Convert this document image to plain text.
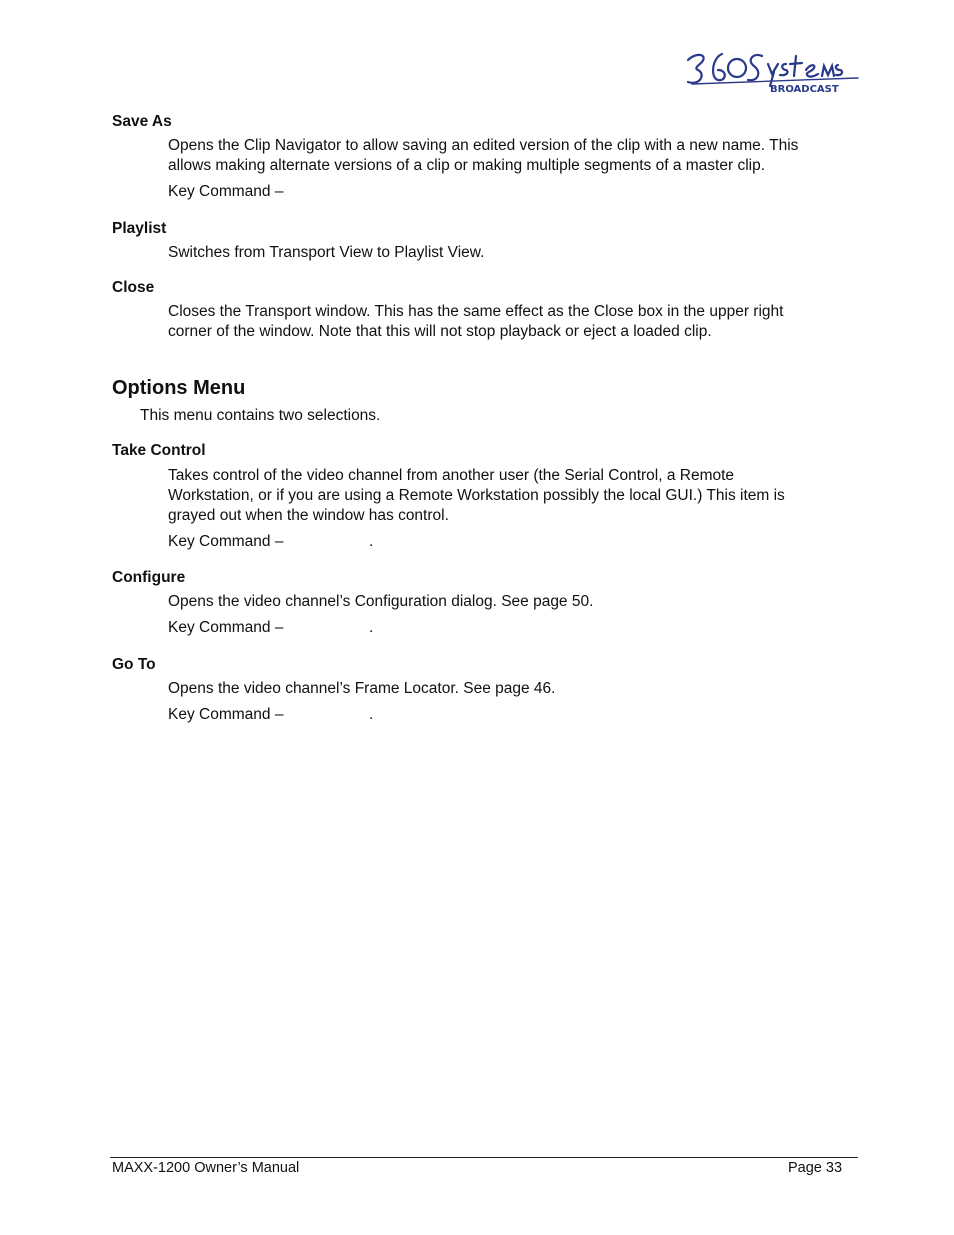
BROADCAST
Save As
Opens the Clip Navigator to allow saving an edited version of the clip with a new name. This
allows making alternate versions of a clip or making multiple segments of a master clip.
Key Command –
Playlist
Switches from Transport View to Playlist View.
Close
Closes the Transport window. This has the same effect as the Close box in the upper right
corner of the window. Note that this will not stop playback or eject a loaded clip.
Options Menu
This menu contains two selections.
Take Control
Takes control of the video channel from another user (the Serial Control, a Remote
Workstation, or if you are using a Remote Workstation possibly the local GUI.) This item is
grayed out when the window has control.
Key Command –	.
Configure
Opens the video channel’s Configuration dialog. See page 50.
Key Command –	.
Go To
Opens the video channel’s Frame Locator. See page 46.
Key Command –	.
MAXX-1200 Owner’s Manual	Page 33
